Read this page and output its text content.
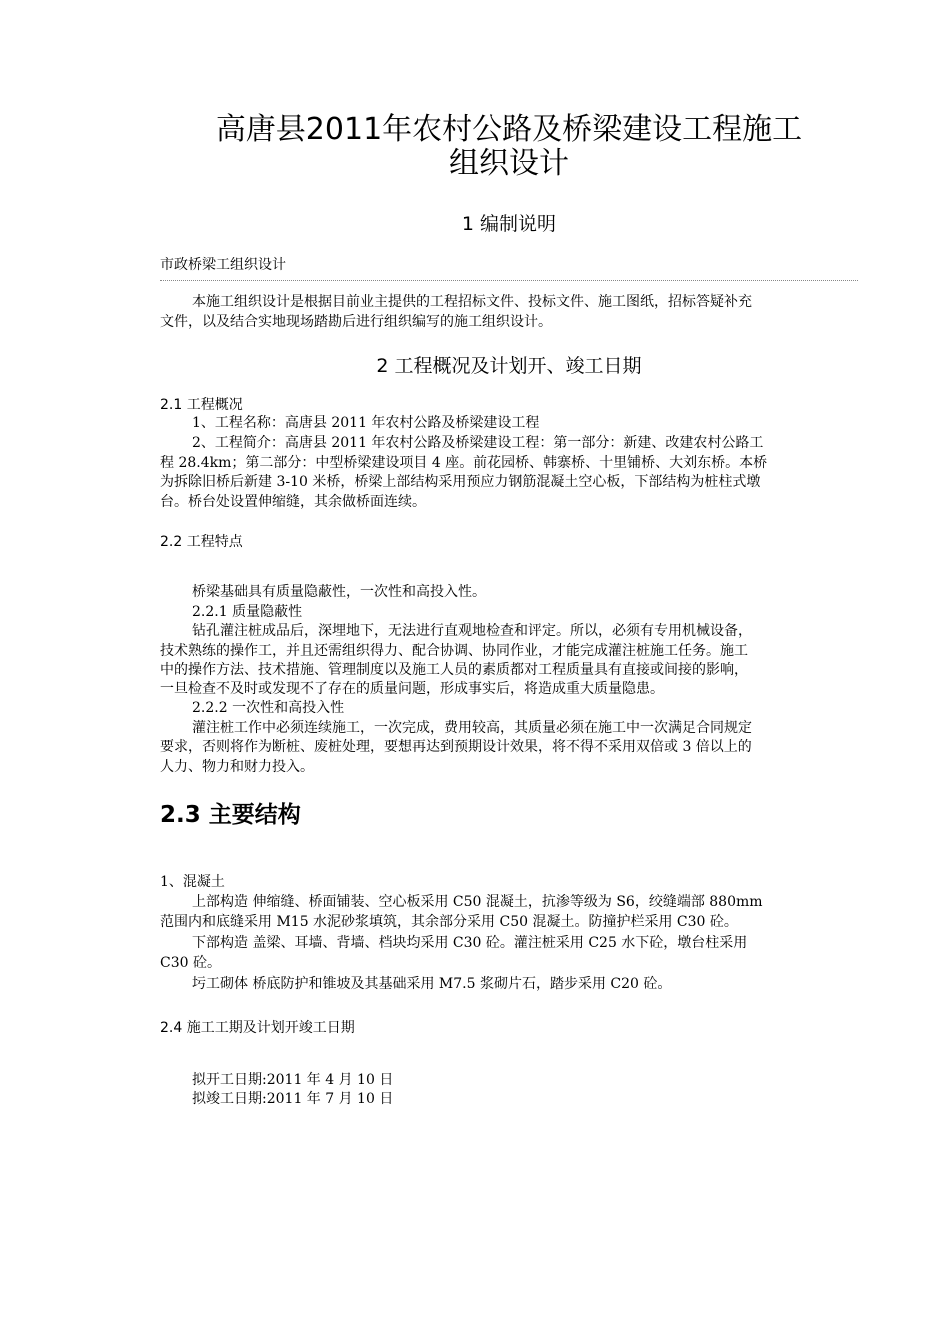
高唐县2011年农村公路及桥梁建设工程施工
组织设计
1 编制说明
市政桥梁工组织设计
本施工组织设计是根据目前业主提供的工程招标文件、投标文件、施工图纸，招标答疑补充
文件，以及结合实地现场踏勘后进行组织编写的施工组织设计。
2 工程概况及计划开、竣工日期
2.1 工程概况
1、工程名称：高唐县 2011 年农村公路及桥梁建设工程
2、工程简介：高唐县 2011 年农村公路及桥梁建设工程：第一部分：新建、改建农村公路工
程 28.4km；第二部分：中型桥梁建设项目 4 座。前花园桥、韩寨桥、十里铺桥、大刘东桥。本桥
为拆除旧桥后新建 3-10 米桥，桥梁上部结构采用预应力钢筋混凝土空心板，下部结构为桩柱式墩
台。桥台处设置伸缩缝，其余做桥面连续。
2.2 工程特点
桥梁基础具有质量隐蔽性，一次性和高投入性。
2.2.1 质量隐蔽性
钻孔灌注桩成品后，深埋地下，无法进行直观地检查和评定。所以，必须有专用机械设备，
技术熟练的操作工，并且还需组织得力、配合协调、协同作业，才能完成灌注桩施工任务。施工
中的操作方法、技术措施、管理制度以及施工人员的素质都对工程质量具有直接或间接的影响，
一旦检查不及时或发现不了存在的质量问题，形成事实后，将造成重大质量隐患。
2.2.2 一次性和高投入性
灌注桩工作中必须连续施工，一次完成，费用较高，其质量必须在施工中一次满足合同规定
要求，否则将作为断桩、废桩处理，要想再达到预期设计效果，将不得不采用双倍或 3 倍以上的
人力、物力和财力投入。
2.3 主要结构
1、混凝土
上部构造 伸缩缝、桥面铺装、空心板采用 C50 混凝土，抗渗等级为 S6，绞缝端部 880mm
范围内和底缝采用 M15 水泥砂浆填筑，其余部分采用 C50 混凝土。防撞护栏采用 C30 砼。
下部构造 盖梁、耳墙、背墙、档块均采用 C30 砼。灌注桩采用 C25 水下砼，墩台柱采用
C30 砼。
圬工砌体 桥底防护和锥坡及其基础采用 M7.5 浆砌片石，踏步采用 C20 砼。
2.4 施工工期及计划开竣工日期
拟开工日期:2011 年 4 月 10 日
拟竣工日期:2011 年 7 月 10 日
